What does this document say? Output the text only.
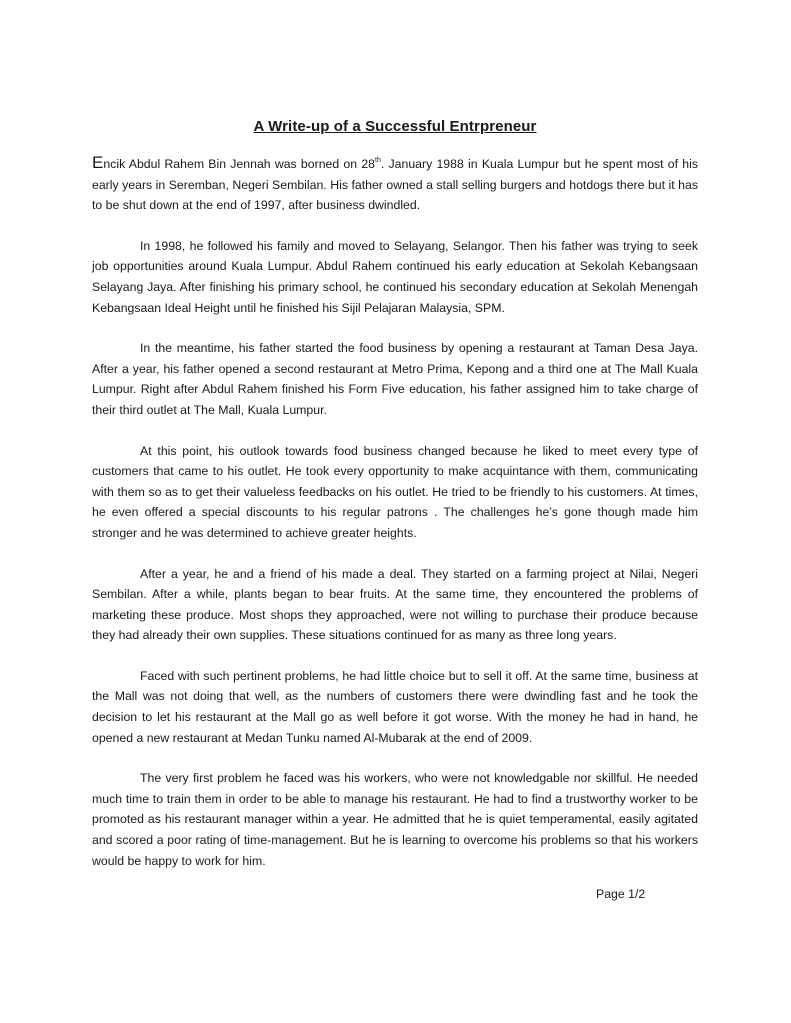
A Write-up of a Successful Entrpreneur

Encik Abdul Rahem Bin Jennah was borned on 28th. January 1988 in Kuala Lumpur but he spent most of his early years in Seremban, Negeri Sembilan. His father owned a stall selling burgers and hotdogs there but it has to be shut down at the end of 1997, after business dwindled.

In 1998, he followed his family and moved to Selayang, Selangor. Then his father was trying to seek job opportunities around Kuala Lumpur. Abdul Rahem continued his early education at Sekolah Kebangsaan Selayang Jaya. After finishing his primary school, he continued his secondary education at Sekolah Menengah Kebangsaan Ideal Height until he finished his Sijil Pelajaran Malaysia, SPM.

In the meantime, his father started the food business by opening a restaurant at Taman Desa Jaya. After a year, his father opened a second restaurant at Metro Prima, Kepong and a third one at The Mall Kuala Lumpur. Right after Abdul Rahem finished his Form Five education, his father assigned him to take charge of their third outlet at The Mall, Kuala Lumpur.

At this point, his outlook towards food business changed because he liked to meet every type of customers that came to his outlet. He took every opportunity to make acquintance with them, communicating with them so as to get their valueless feedbacks on his outlet. He tried to be friendly to his customers. At times, he even offered a special discounts to his regular patrons . The challenges he’s gone though made him stronger and he was determined to achieve greater heights.

After a year, he and a friend of his made a deal. They started on a farming project at Nilai, Negeri Sembilan. After a while, plants began to bear fruits. At the same time, they encountered the problems of marketing these produce. Most shops they approached, were not willing to purchase their produce because they had already their own supplies. These situations continued for as many as three long years.

Faced with such pertinent problems, he had little choice but to sell it off. At the same time, business at the Mall was not doing that well, as the numbers of customers there were dwindling fast and he took the decision to let his restaurant at the Mall go as well before it got worse. With the money he had in hand, he opened a new restaurant at Medan Tunku named Al-Mubarak at the end of 2009.

The very first problem he faced was his workers, who were not knowledgable nor skillful. He needed much time to train them in order to be able to manage his restaurant. He had to find a trustworthy worker to be promoted as his restaurant manager within a year. He admitted that he is quiet temperamental, easily agitated and scored a poor rating of time-management. But he is learning to overcome his problems so that his workers would be happy to work for him.

Page 1/2
